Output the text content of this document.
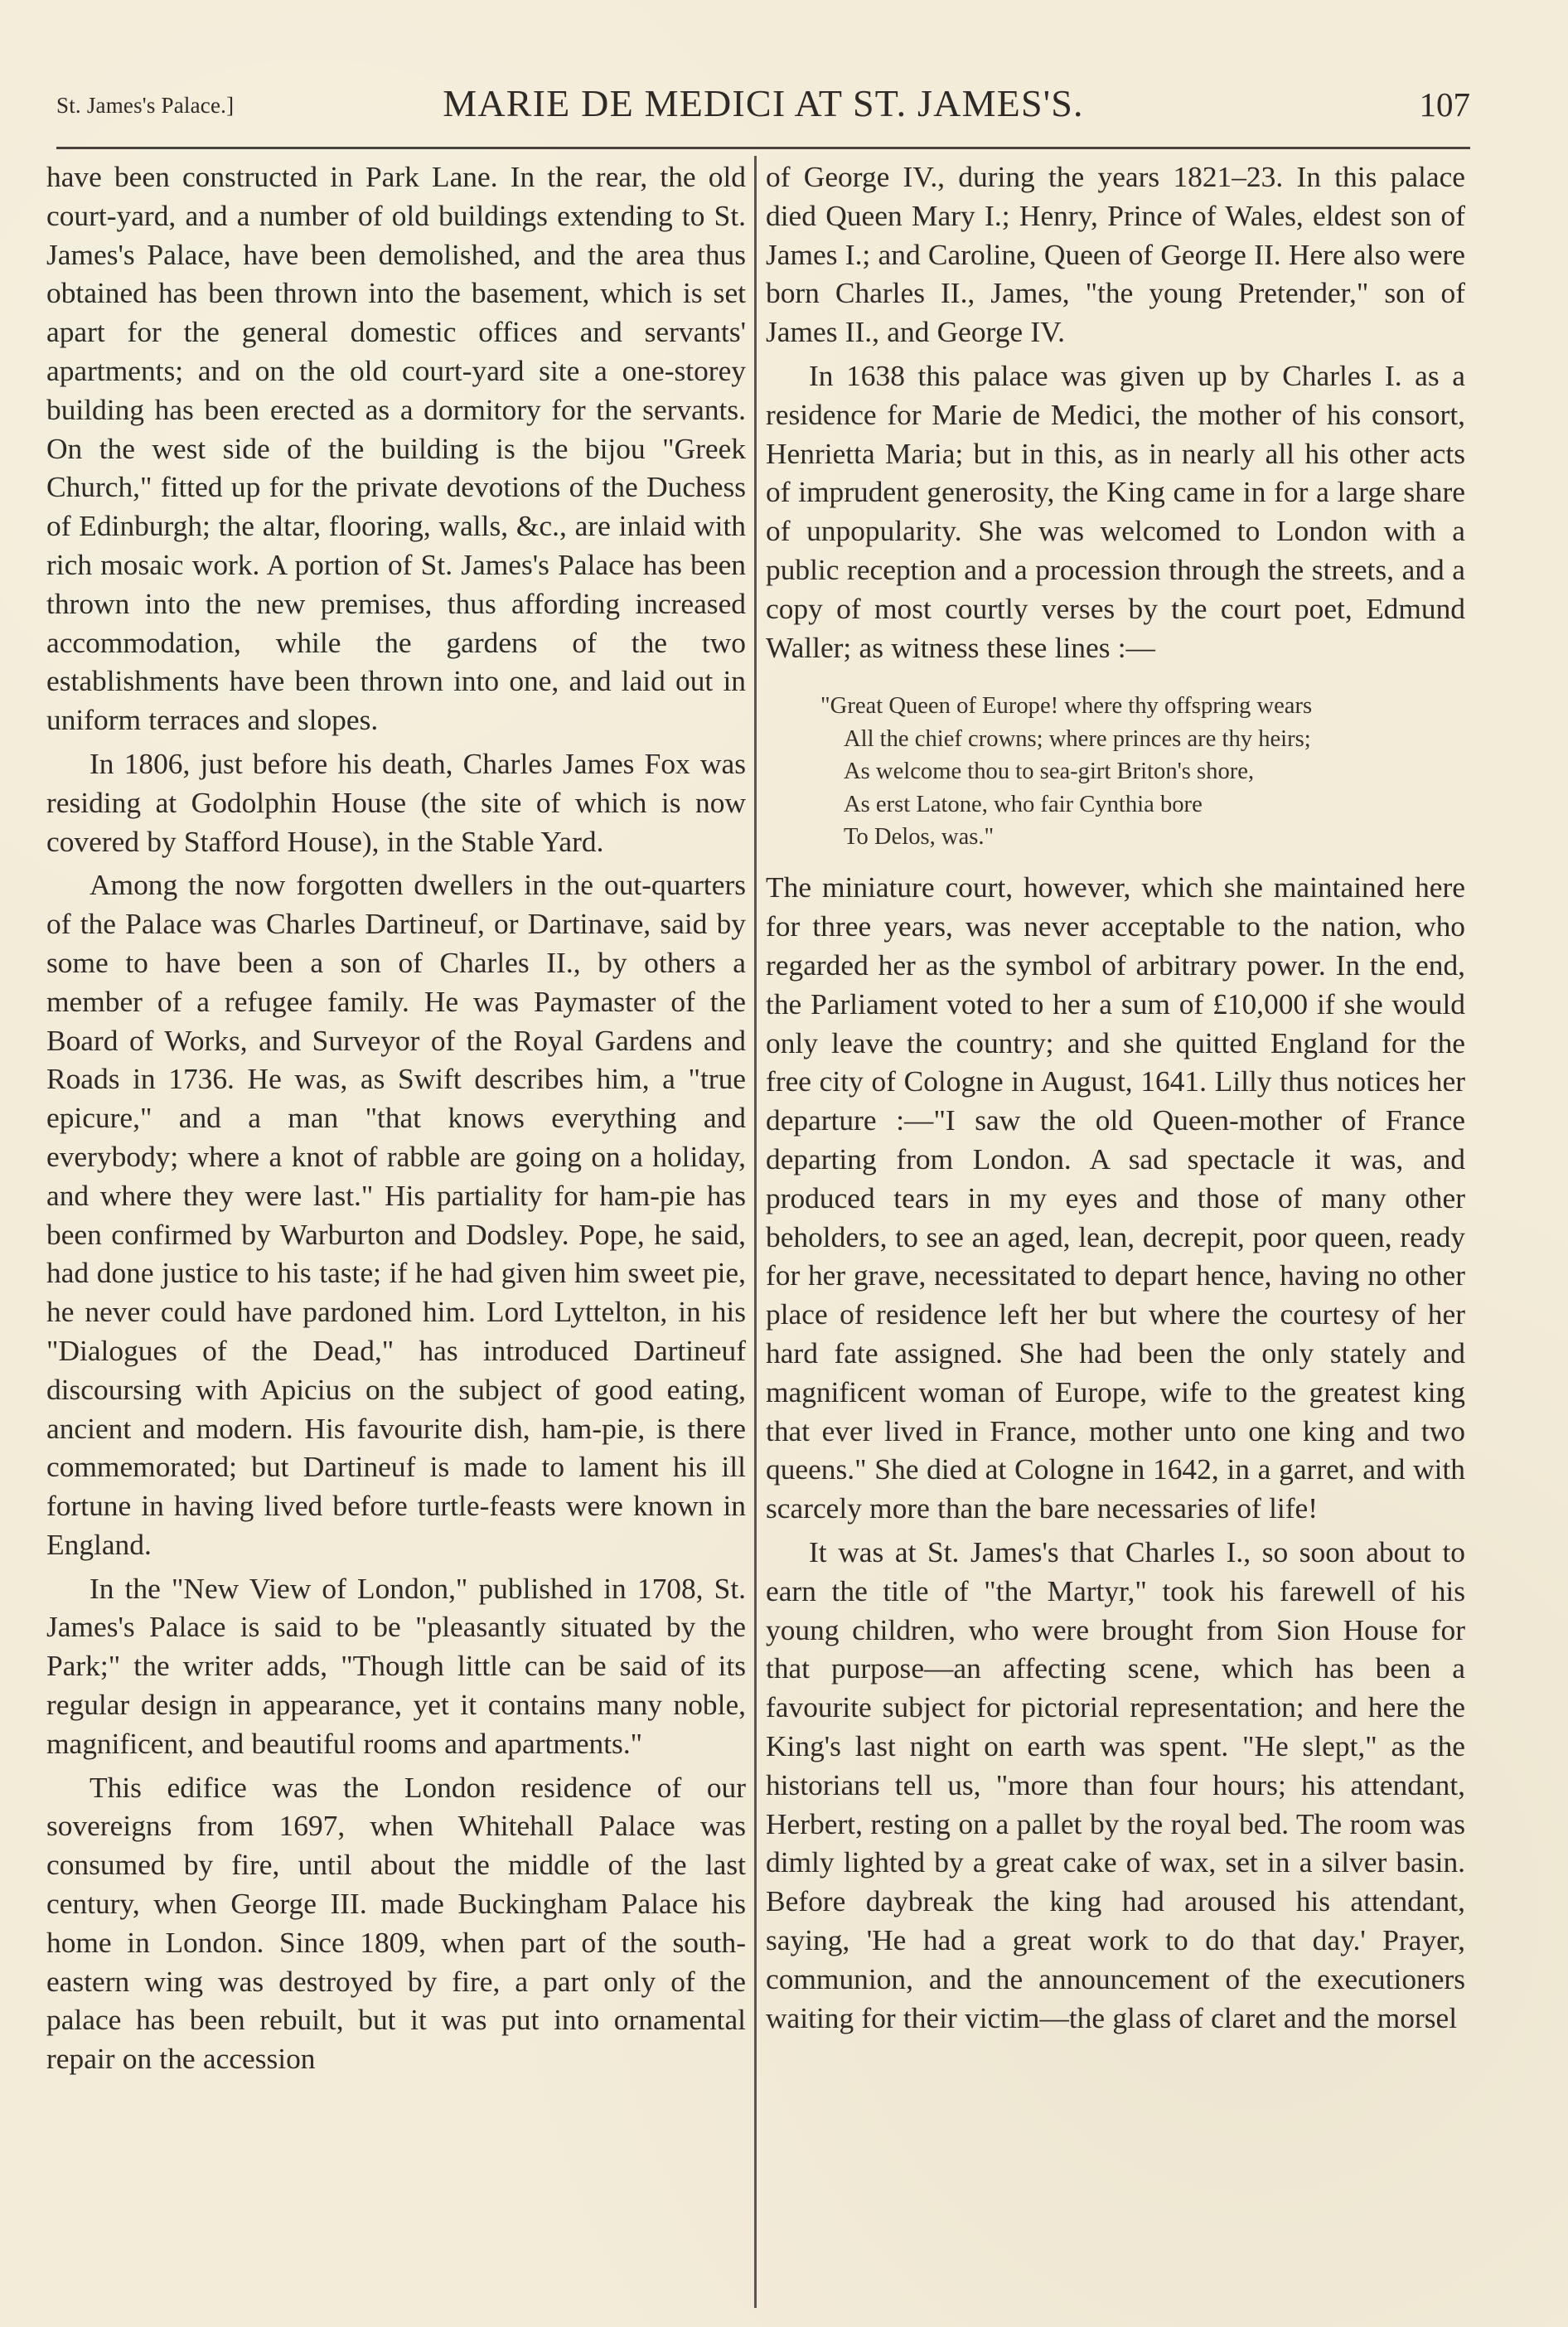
St. James's Palace.]	MARIE DE MEDICI AT ST. JAMES'S.	107

have been constructed in Park Lane. In the rear, the old court-yard, and a number of old buildings extending to St. James's Palace, have been demolished, and the area thus obtained has been thrown into the basement, which is set apart for the general domestic offices and servants' apartments; and on the old court-yard site a one-storey building has been erected as a dormitory for the servants. On the west side of the building is the bijou "Greek Church," fitted up for the private devotions of the Duchess of Edinburgh; the altar, flooring, walls, &c., are inlaid with rich mosaic work. A portion of St. James's Palace has been thrown into the new premises, thus affording increased accommodation, while the gardens of the two establishments have been thrown into one, and laid out in uniform terraces and slopes.

In 1806, just before his death, Charles James Fox was residing at Godolphin House (the site of which is now covered by Stafford House), in the Stable Yard.

Among the now forgotten dwellers in the out-quarters of the Palace was Charles Dartineuf, or Dartinave, said by some to have been a son of Charles II., by others a member of a refugee family. He was Paymaster of the Board of Works, and Surveyor of the Royal Gardens and Roads in 1736. He was, as Swift describes him, a "true epicure," and a man "that knows everything and everybody; where a knot of rabble are going on a holiday, and where they were last." His partiality for ham-pie has been confirmed by Warburton and Dodsley. Pope, he said, had done justice to his taste; if he had given him sweet pie, he never could have pardoned him. Lord Lyttelton, in his "Dialogues of the Dead," has introduced Dartineuf discoursing with Apicius on the subject of good eating, ancient and modern. His favourite dish, ham-pie, is there commemorated; but Dartineuf is made to lament his ill fortune in having lived before turtle-feasts were known in England.

In the "New View of London," published in 1708, St. James's Palace is said to be "pleasantly situated by the Park;" the writer adds, "Though little can be said of its regular design in appearance, yet it contains many noble, magnificent, and beautiful rooms and apartments."

This edifice was the London residence of our sovereigns from 1697, when Whitehall Palace was consumed by fire, until about the middle of the last century, when George III. made Buckingham Palace his home in London. Since 1809, when part of the south-eastern wing was destroyed by fire, a part only of the palace has been rebuilt, but it was put into ornamental repair on the accession

of George IV., during the years 1821–23. In this palace died Queen Mary I.; Henry, Prince of Wales, eldest son of James I.; and Caroline, Queen of George II. Here also were born Charles II., James, "the young Pretender," son of James II., and George IV.

In 1638 this palace was given up by Charles I. as a residence for Marie de Medici, the mother of his consort, Henrietta Maria; but in this, as in nearly all his other acts of imprudent generosity, the King came in for a large share of unpopularity. She was welcomed to London with a public reception and a procession through the streets, and a copy of most courtly verses by the court poet, Edmund Waller; as witness these lines :—

"Great Queen of Europe! where thy offspring wears
All the chief crowns; where princes are thy heirs;
As welcome thou to sea-girt Briton's shore,
As erst Latone, who fair Cynthia bore
To Delos, was."

The miniature court, however, which she maintained here for three years, was never acceptable to the nation, who regarded her as the symbol of arbitrary power. In the end, the Parliament voted to her a sum of £10,000 if she would only leave the country; and she quitted England for the free city of Cologne in August, 1641. Lilly thus notices her departure :—"I saw the old Queen-mother of France departing from London. A sad spectacle it was, and produced tears in my eyes and those of many other beholders, to see an aged, lean, decrepit, poor queen, ready for her grave, necessitated to depart hence, having no other place of residence left her but where the courtesy of her hard fate assigned. She had been the only stately and magnificent woman of Europe, wife to the greatest king that ever lived in France, mother unto one king and two queens." She died at Cologne in 1642, in a garret, and with scarcely more than the bare necessaries of life!

It was at St. James's that Charles I., so soon about to earn the title of "the Martyr," took his farewell of his young children, who were brought from Sion House for that purpose—an affecting scene, which has been a favourite subject for pictorial representation; and here the King's last night on earth was spent. "He slept," as the historians tell us, "more than four hours; his attendant, Herbert, resting on a pallet by the royal bed. The room was dimly lighted by a great cake of wax, set in a silver basin. Before daybreak the king had aroused his attendant, saying, 'He had a great work to do that day.' Prayer, communion, and the announcement of the executioners waiting for their victim—the glass of claret and the morsel
